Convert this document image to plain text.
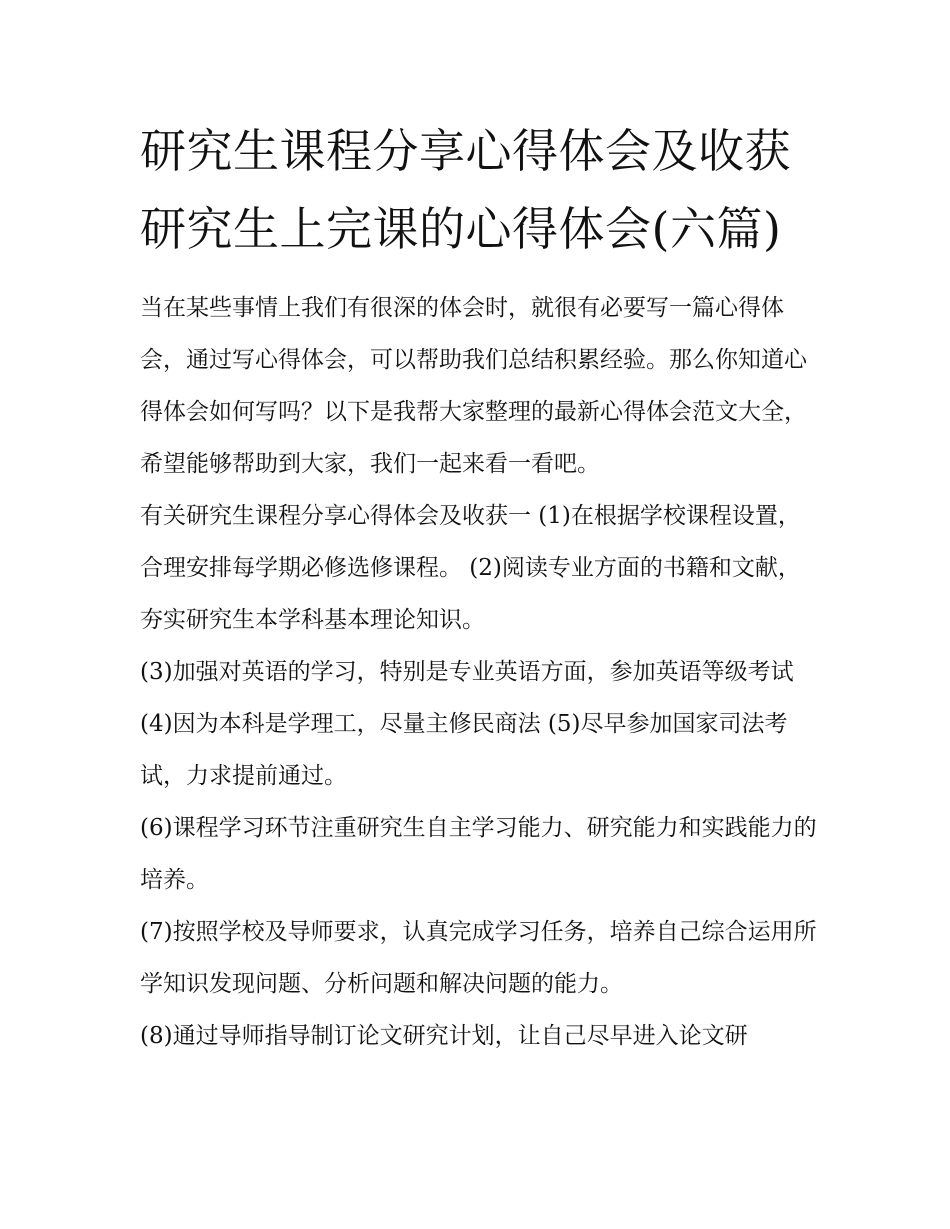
研究生课程分享心得体会及收获 研究生上完课的心得体会(六篇)

当在某些事情上我们有很深的体会时，就很有必要写一篇心得体会，通过写心得体会，可以帮助我们总结积累经验。那么你知道心得体会如何写吗？以下是我帮大家整理的最新心得体会范文大全，希望能够帮助到大家，我们一起来看一看吧。

有关研究生课程分享心得体会及收获一 (1)在根据学校课程设置，合理安排每学期必修选修课程。 (2)阅读专业方面的书籍和文献，夯实研究生本学科基本理论知识。

(3)加强对英语的学习，特别是专业英语方面，参加英语等级考试 (4)因为本科是学理工，尽量主修民商法 (5)尽早参加国家司法考试，力求提前通过。

(6)课程学习环节注重研究生自主学习能力、研究能力和实践能力的培养。

(7)按照学校及导师要求，认真完成学习任务，培养自己综合运用所学知识发现问题、分析问题和解决问题的能力。

(8)通过导师指导制订论文研究计划，让自己尽早进入论文研
